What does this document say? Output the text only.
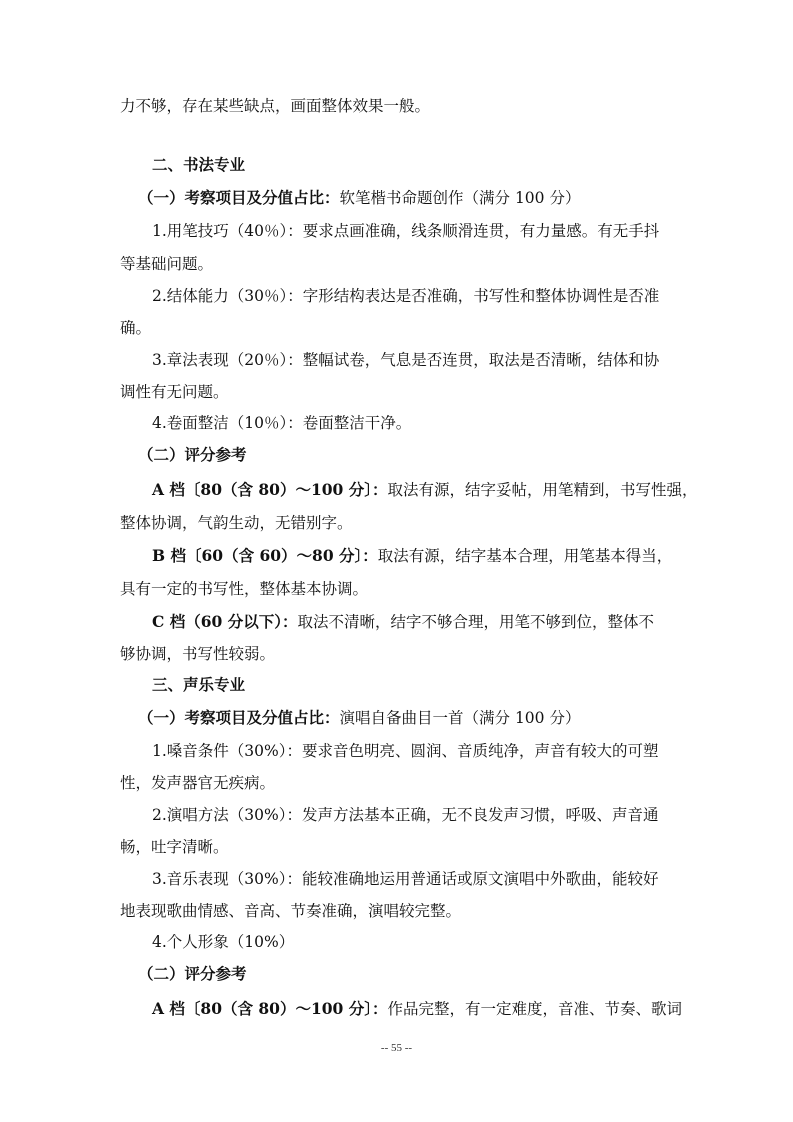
力不够，存在某些缺点，画面整体效果一般。
二、书法专业
（一）考察项目及分值占比：软笔楷书命题创作（满分 100 分）
1.用笔技巧（40％）：要求点画准确，线条顺滑连贯，有力量感。有无手抖
等基础问题。
2.结体能力（30％）：字形结构表达是否准确，书写性和整体协调性是否准
确。
3.章法表现（20％）：整幅试卷，气息是否连贯，取法是否清晰，结体和协
调性有无问题。
4.卷面整洁（10％）：卷面整洁干净。
（二）评分参考
A 档〔80（含 80）～100 分〕：取法有源，结字妥帖，用笔精到，书写性强，
整体协调，气韵生动，无错别字。
B 档〔60（含 60）～80 分〕：取法有源，结字基本合理，用笔基本得当，
具有一定的书写性，整体基本协调。
C 档（60 分以下）：取法不清晰，结字不够合理，用笔不够到位，整体不
够协调，书写性较弱。
三、声乐专业
（一）考察项目及分值占比：演唱自备曲目一首（满分 100 分）
1.嗓音条件（30%）：要求音色明亮、圆润、音质纯净，声音有较大的可塑
性，发声器官无疾病。
2.演唱方法（30%）：发声方法基本正确，无不良发声习惯，呼吸、声音通
畅，吐字清晰。
3.音乐表现（30%）：能较准确地运用普通话或原文演唱中外歌曲，能较好
地表现歌曲情感、音高、节奏准确，演唱较完整。
4.个人形象（10%）
（二）评分参考
A 档〔80（含 80）～100 分〕：作品完整，有一定难度，音准、节奏、歌词
-- 55 --
